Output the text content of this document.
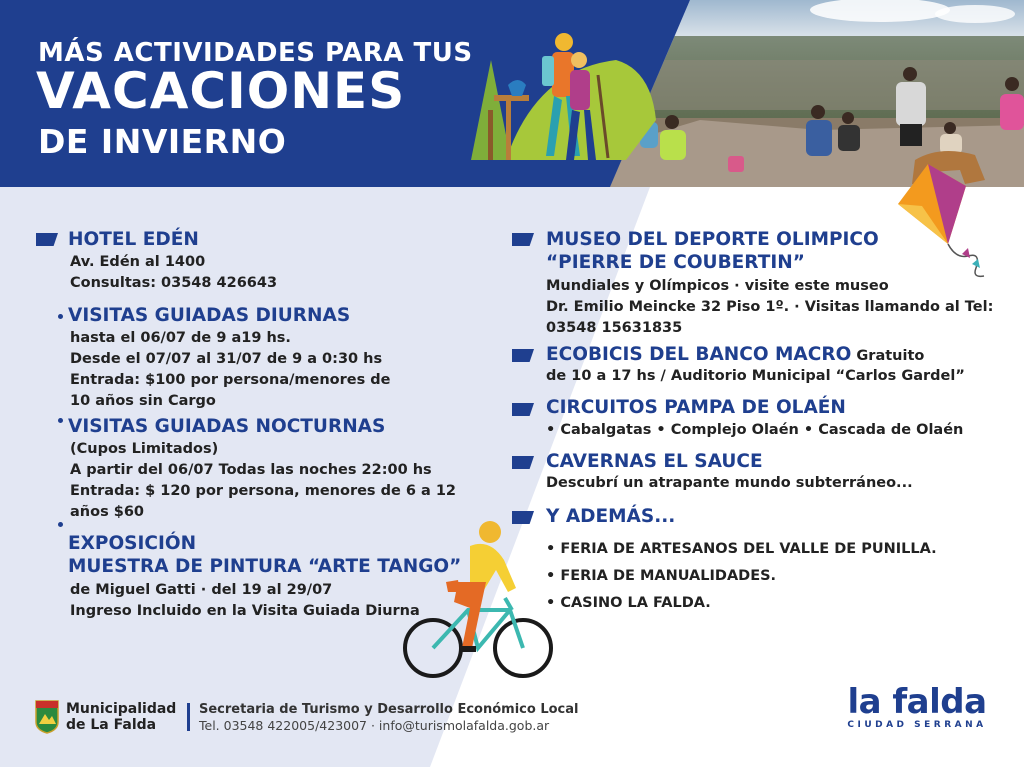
MÁS ACTIVIDADES PARA TUS
VACACIONES
DE INVIERNO
HOTEL EDÉN
Av. Edén al 1400
Consultas: 03548 426643
VISITAS GUIADAS DIURNAS
hasta el 06/07 de 9 a19 hs.
Desde el 07/07 al 31/07 de 9 a 0:30 hs
Entrada: $100 por persona/menores de
10 años sin Cargo
VISITAS GUIADAS NOCTURNAS
(Cupos Limitados)
A partir del 06/07 Todas las noches 22:00 hs
Entrada: $ 120 por persona, menores de 6 a 12
años $60
EXPOSICIÓN
MUESTRA DE PINTURA “ARTE TANGO”
de Miguel Gatti · del 19 al 29/07
Ingreso Incluido en la Visita Guiada Diurna
MUSEO DEL DEPORTE OLIMPICO
“PIERRE DE COUBERTIN”
Mundiales y Olímpicos · visite este museo
Dr. Emilio Meincke 32 Piso 1º. · Visitas llamando al Tel:
03548 15631835
ECOBICIS DEL BANCO MACRO Gratuito
de 10 a 17 hs / Auditorio Municipal “Carlos Gardel”
CIRCUITOS PAMPA DE OLAÉN
• Cabalgatas • Complejo Olaén • Cascada de Olaén
CAVERNAS EL SAUCE
Descubrí un atrapante mundo subterráneo...
Y ADEMÁS...
• FERIA DE ARTESANOS DEL VALLE DE PUNILLA.
• FERIA DE MANUALIDADES.
• CASINO LA FALDA.
Municipalidad
de La Falda
Secretaria de Turismo y Desarrollo Económico Local
Tel. 03548 422005/423007 · info@turismolafalda.gob.ar
la falda
CIUDAD SERRANA
